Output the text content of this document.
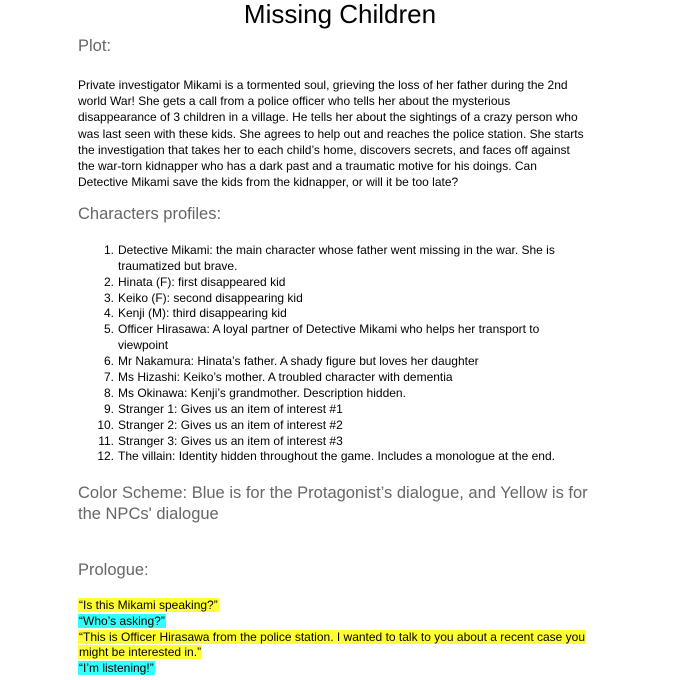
Missing Children
Plot:
Private investigator Mikami is a tormented soul, grieving the loss of her father during the 2nd
world War! She gets a call from a police officer who tells her about the mysterious
disappearance of 3 children in a village. He tells her about the sightings of a crazy person who
was last seen with these kids. She agrees to help out and reaches the police station. She starts
the investigation that takes her to each child’s home, discovers secrets, and faces off against
the war-torn kidnapper who has a dark past and a traumatic motive for his doings. Can
Detective Mikami save the kids from the kidnapper, or will it be too late?
Characters profiles:
1. Detective Mikami: the main character whose father went missing in the war. She is
traumatized but brave.
2. Hinata (F): first disappeared kid
3. Keiko (F): second disappearing kid
4. Kenji (M): third disappearing kid
5. Officer Hirasawa: A loyal partner of Detective Mikami who helps her transport to
viewpoint
6. Mr Nakamura: Hinata’s father. A shady figure but loves her daughter
7. Ms Hizashi: Keiko’s mother. A troubled character with dementia
8. Ms Okinawa: Kenji’s grandmother. Description hidden.
9. Stranger 1: Gives us an item of interest #1
10. Stranger 2: Gives us an item of interest #2
11. Stranger 3: Gives us an item of interest #3
12. The villain: Identity hidden throughout the game. Includes a monologue at the end.
Color Scheme: Blue is for the Protagonist’s dialogue, and Yellow is for
the NPCs' dialogue
Prologue:
“Is this Mikami speaking?”
“Who’s asking?”
“This is Officer Hirasawa from the police station. I wanted to talk to you about a recent case you
might be interested in.”
“I’m listening!”
